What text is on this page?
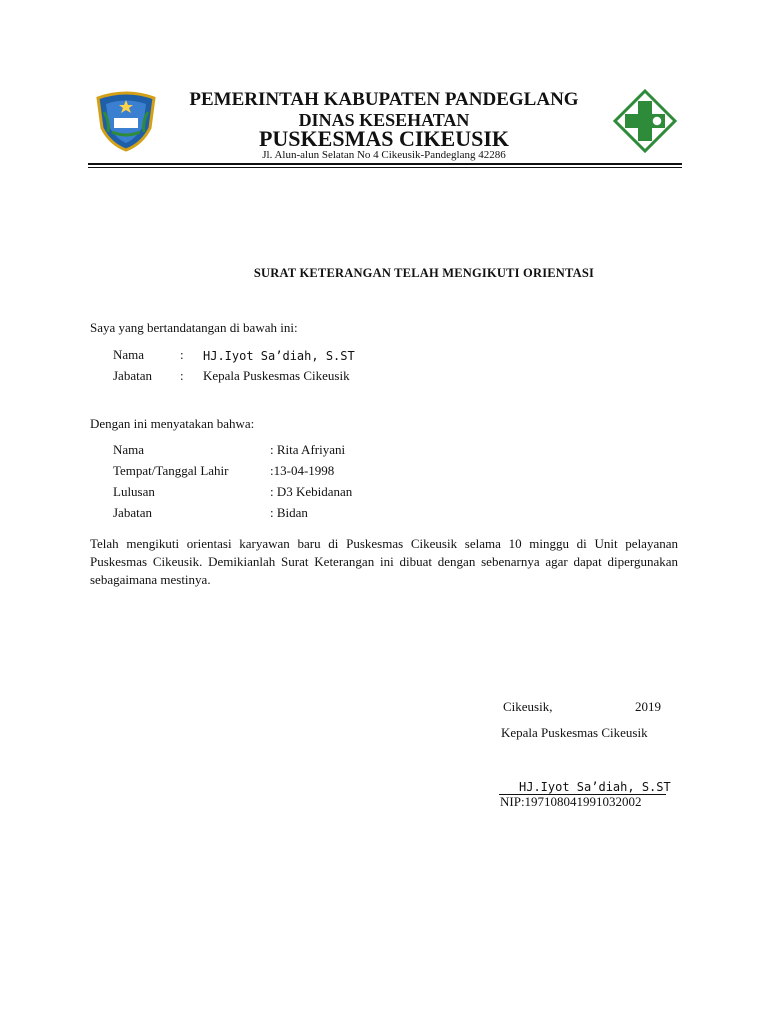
PEMERINTAH KABUPATEN PANDEGLANG
DINAS KESEHATAN
PUSKESMAS CIKEUSIK
Jl. Alun-alun Selatan No 4 Cikeusik-Pandeglang 42286
SURAT KETERANGAN TELAH MENGIKUTI ORIENTASI
Saya yang bertandatangan di bawah ini:
Nama	: HJ.Iyot Sa’diah, S.ST
Jabatan : Kepala Puskesmas Cikeusik
Dengan ini menyatakan bahwa:
Nama	: Rita Afriyani
Tempat/Tanggal Lahir	:13-04-1998
Lulusan	: D3 Kebidanan
Jabatan	: Bidan
Telah mengikuti orientasi karyawan baru di Puskesmas Cikeusik selama 10 minggu di Unit pelayanan Puskesmas Cikeusik. Demikianlah Surat Keterangan ini dibuat dengan sebenarnya agar dapat dipergunakan sebagaimana mestinya.
Cikeusik,	2019
Kepala Puskesmas Cikeusik
HJ.Iyot Sa’diah, S.ST
NIP:197108041991032002
